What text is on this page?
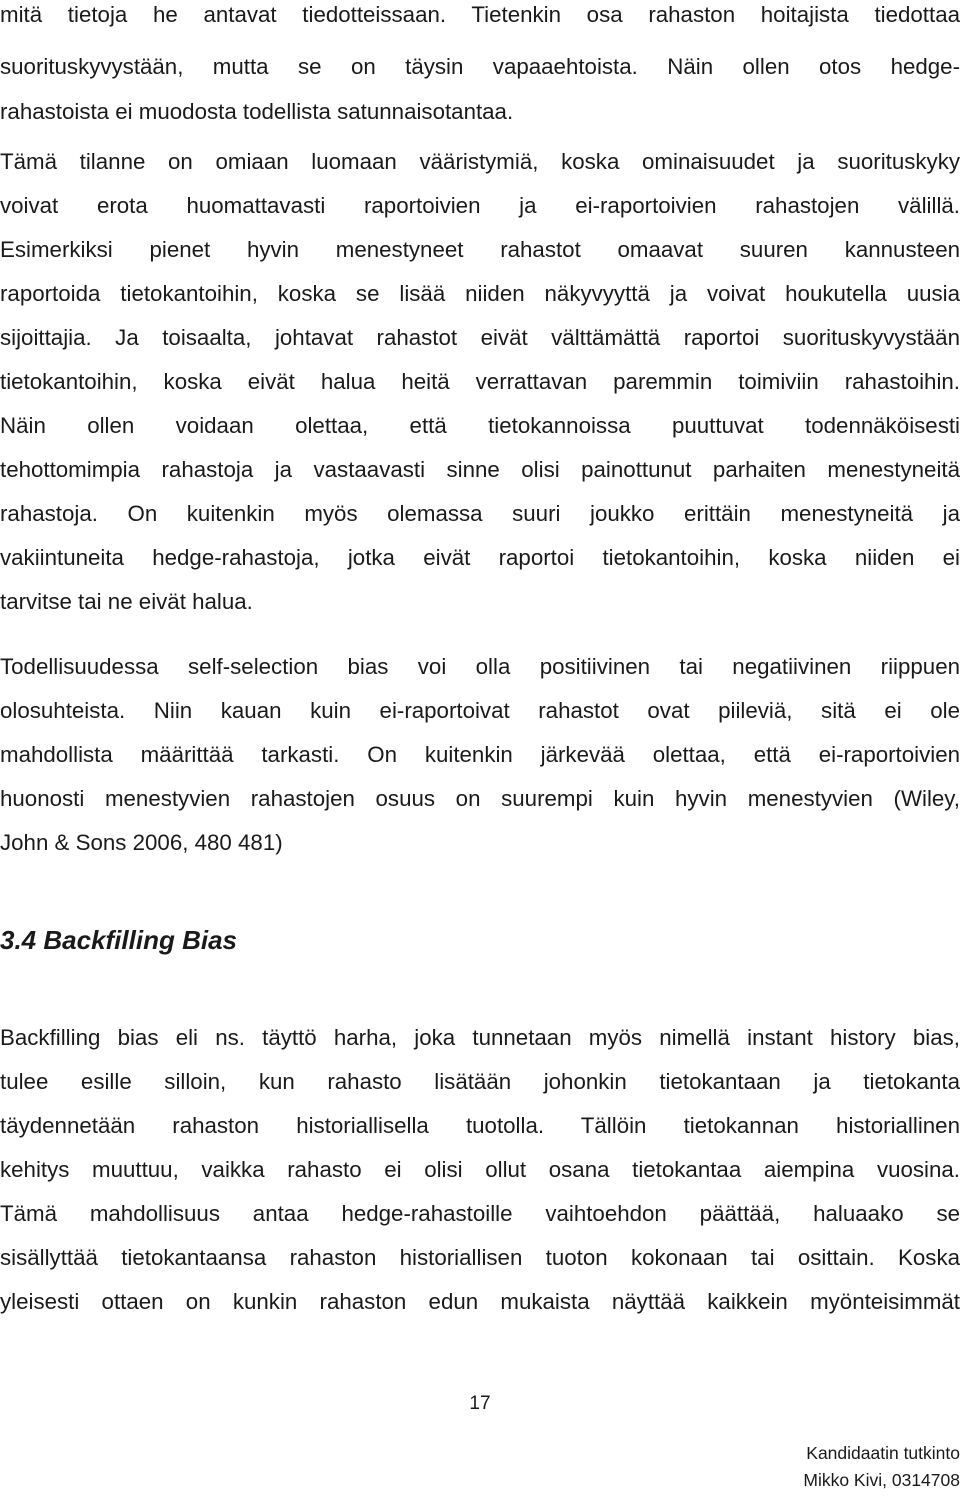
mitä tietoja he antavat tiedotteissaan. Tietenkin osa rahaston hoitajista tiedottaa
suorituskyvystään, mutta se on täysin vapaaehtoista. Näin ollen otos hedge-
rahastoista ei muodosta todellista satunnaisotantaa.
Tämä tilanne on omiaan luomaan vääristymiä, koska ominaisuudet ja suorituskyky
voivat erota huomattavasti raportoivien ja ei-raportoivien rahastojen välillä.
Esimerkiksi pienet hyvin menestyneet rahastot omaavat suuren kannusteen
raportoida tietokantoihin, koska se lisää niiden näkyvyyttä ja voivat houkutella uusia
sijoittajia. Ja toisaalta, johtavat rahastot eivät välttämättä raportoi suorituskyvystään
tietokantoihin, koska eivät halua heitä verrattavan paremmin toimiviin rahastoihin.
Näin ollen voidaan olettaa, että tietokannoissa puuttuvat todennäköisesti
tehottomimpia rahastoja ja vastaavasti sinne olisi painottunut parhaiten menestyneitä
rahastoja. On kuitenkin myös olemassa suuri joukko erittäin menestyneitä ja
vakiintuneita hedge-rahastoja, jotka eivät raportoi tietokantoihin, koska niiden ei
tarvitse tai ne eivät halua.
Todellisuudessa self-selection bias voi olla positiivinen tai negatiivinen riippuen
olosuhteista. Niin kauan kuin ei-raportoivat rahastot ovat piileviä, sitä ei ole
mahdollista määrittää tarkasti. On kuitenkin järkevää olettaa, että ei-raportoivien
huonosti menestyvien rahastojen osuus on suurempi kuin hyvin menestyvien (Wiley,
John & Sons 2006, 480 481)
3.4 Backfilling Bias
Backfilling bias eli ns. täyttö harha, joka tunnetaan myös nimellä instant history bias,
tulee esille silloin, kun rahasto lisätään johonkin tietokantaan ja tietokanta
täydennetään rahaston historiallisella tuotolla. Tällöin tietokannan historiallinen
kehitys muuttuu, vaikka rahasto ei olisi ollut osana tietokantaa aiempina vuosina.
Tämä mahdollisuus antaa hedge-rahastoille vaihtoehdon päättää, haluaako se
sisällyttää tietokantaansa rahaston historiallisen tuoton kokonaan tai osittain. Koska
yleisesti ottaen on kunkin rahaston edun mukaista näyttää kaikkein myönteisimmät
17
Kandidaatin tutkinto
Mikko Kivi, 0314708
